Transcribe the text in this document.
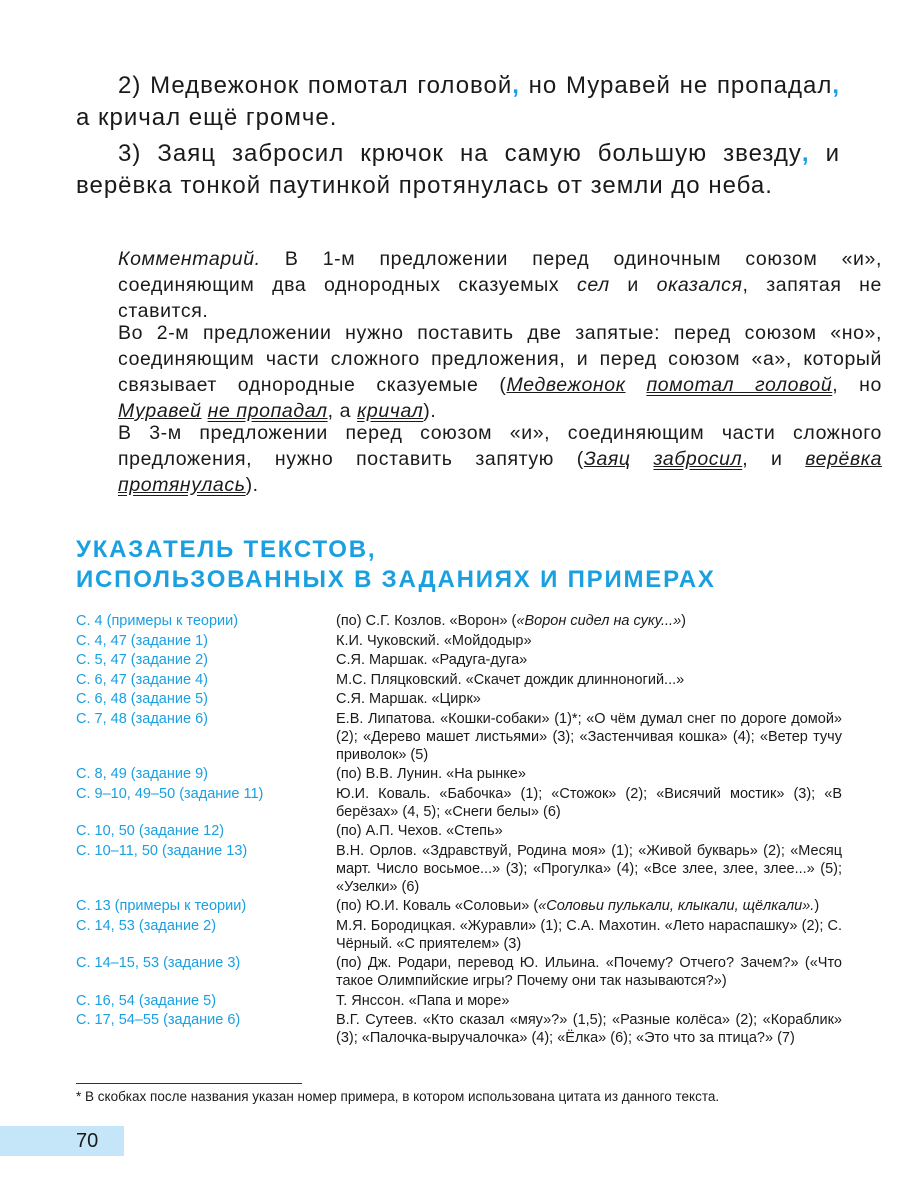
2) Медвежонок помотал головой, но Муравей не пропадал, а кричал ещё громче.

3) Заяц забросил крючок на самую большую звезду, и верёвка тонкой паутинкой протянулась от земли до неба.

Комментарий. В 1-м предложении перед одиночным союзом «и», соединяющим два однородных сказуемых сел и оказался, запятая не ставится.

Во 2-м предложении нужно поставить две запятые: перед союзом «но», соединяющим части сложного предложения, и перед союзом «а», который связывает однородные сказуемые (Медвежонок помотал головой, но Муравей не пропадал, а кричал).

В 3-м предложении перед союзом «и», соединяющим части сложного предложения, нужно поставить запятую (Заяц забросил, и верёвка протянулась).

УКАЗАТЕЛЬ ТЕКСТОВ,
ИСПОЛЬЗОВАННЫХ В ЗАДАНИЯХ И ПРИМЕРАХ
С. 4 (примеры к теории)	(по) С.Г. Козлов. «Ворон» («Ворон сидел на суку...»)
С. 4, 47 (задание 1)	К.И. Чуковский. «Мойдодыр»
С. 5, 47 (задание 2)	С.Я. Маршак. «Радуга-дуга»
С. 6, 47 (задание 4)	М.С. Пляцковский. «Скачет дождик длинноногий...»
С. 6, 48 (задание 5)	С.Я. Маршак. «Цирк»
С. 7, 48 (задание 6)	Е.В. Липатова. «Кошки-собаки» (1)*; «О чём думал снег по дороге домой» (2); «Дерево машет листьями» (3); «Застенчивая кошка» (4); «Ветер тучу приволок» (5)
С. 8, 49 (задание 9)	(по) В.В. Лунин. «На рынке»
С. 9–10, 49–50 (задание 11)	Ю.И. Коваль. «Бабочка» (1); «Стожок» (2); «Висячий мостик» (3); «В берёзах» (4, 5); «Снеги белы» (6)
С. 10, 50 (задание 12)	(по) А.П. Чехов. «Степь»
С. 10–11, 50 (задание 13)	В.Н. Орлов. «Здравствуй, Родина моя» (1); «Живой букварь» (2); «Месяц март. Число восьмое...» (3); «Прогулка» (4); «Все злее, злее, злее...» (5); «Узелки» (6)
С. 13 (примеры к теории)	(по) Ю.И. Коваль «Соловьи» («Соловьи пулькали, клыкали, щёлкали».)
С. 14, 53 (задание 2)	М.Я. Бородицкая. «Журавли» (1); С.А. Махотин. «Лето нараспашку» (2); С. Чёрный. «С приятелем» (3)
С. 14–15, 53 (задание 3)	(по) Дж. Родари, перевод Ю. Ильина. «Почему? Отчего? Зачем?» («Что такое Олимпийские игры? Почему они так называются?»)
С. 16, 54 (задание 5)	Т. Янссон. «Папа и море»
С. 17, 54–55 (задание 6)	В.Г. Сутеев. «Кто сказал «мяу»?» (1,5); «Разные колёса» (2); «Кораблик» (3); «Палочка-выручалочка» (4); «Ёлка» (6); «Это что за птица?» (7)

* В скобках после названия указан номер примера, в котором использована цитата из данного текста.

70
